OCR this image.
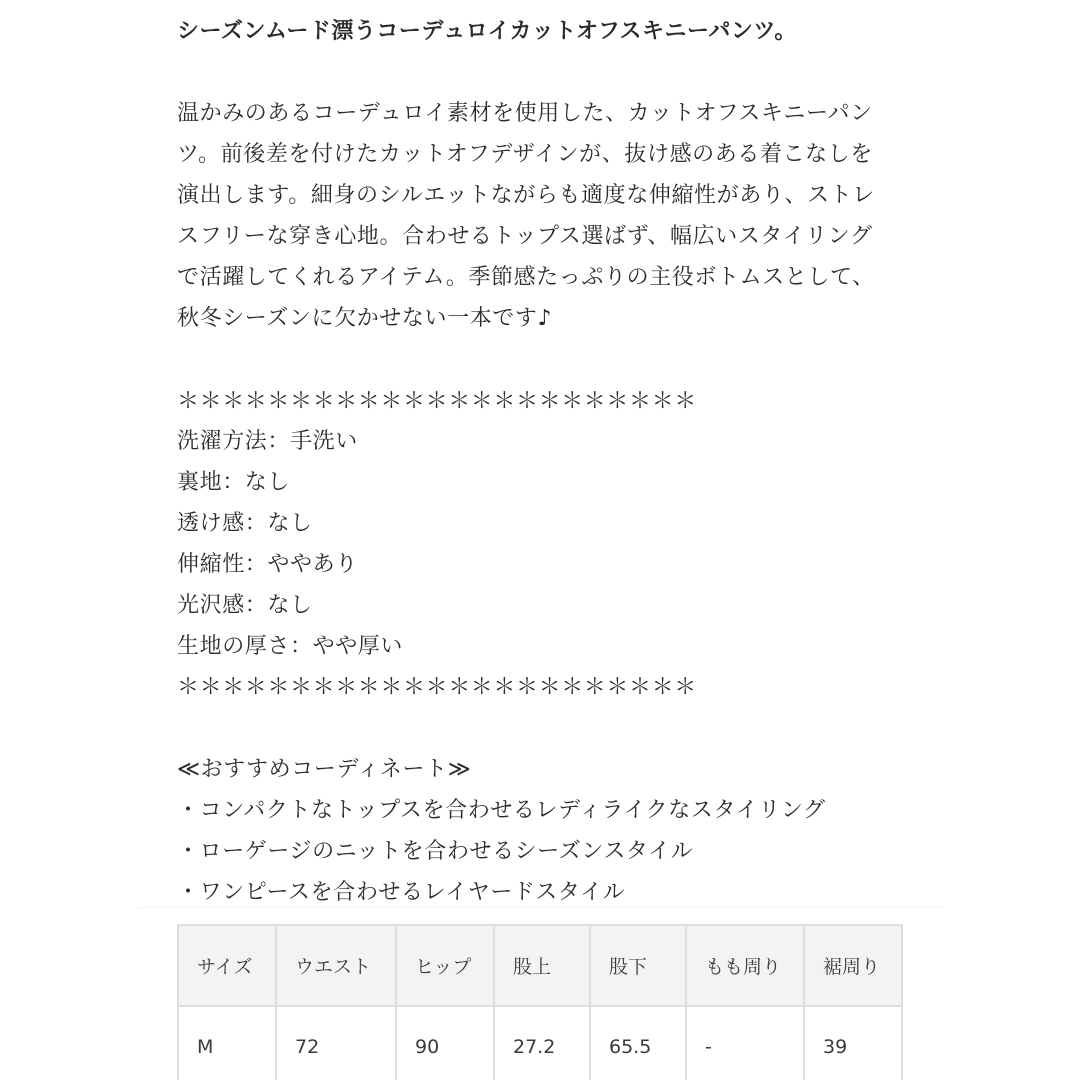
シーズンムード漂うコーデュロイカットオフスキニーパンツ。
温かみのあるコーデュロイ素材を使用した、カットオフスキニーパン
ツ。前後差を付けたカットオフデザインが、抜け感のある着こなしを
演出します。細身のシルエットながらも適度な伸縮性があり、ストレ
スフリーな穿き心地。合わせるトップス選ばず、幅広いスタイリング
で活躍してくれるアイテム。季節感たっぷりの主役ボトムスとして、
秋冬シーズンに欠かせない一本です♪
＊＊＊＊＊＊＊＊＊＊＊＊＊＊＊＊＊＊＊＊＊＊＊
洗濯方法：手洗い
裏地：なし
透け感：なし
伸縮性：ややあり
光沢感：なし
生地の厚さ：やや厚い
＊＊＊＊＊＊＊＊＊＊＊＊＊＊＊＊＊＊＊＊＊＊＊
≪おすすめコーディネート≫
・コンパクトなトップスを合わせるレディライクなスタイリング
・ローゲージのニットを合わせるシーズンスタイル
・ワンピースを合わせるレイヤードスタイル
サイズ	ウエスト	ヒップ	股上	股下	もも周り	裾周り
M	72	90	27.2	65.5	-	39
